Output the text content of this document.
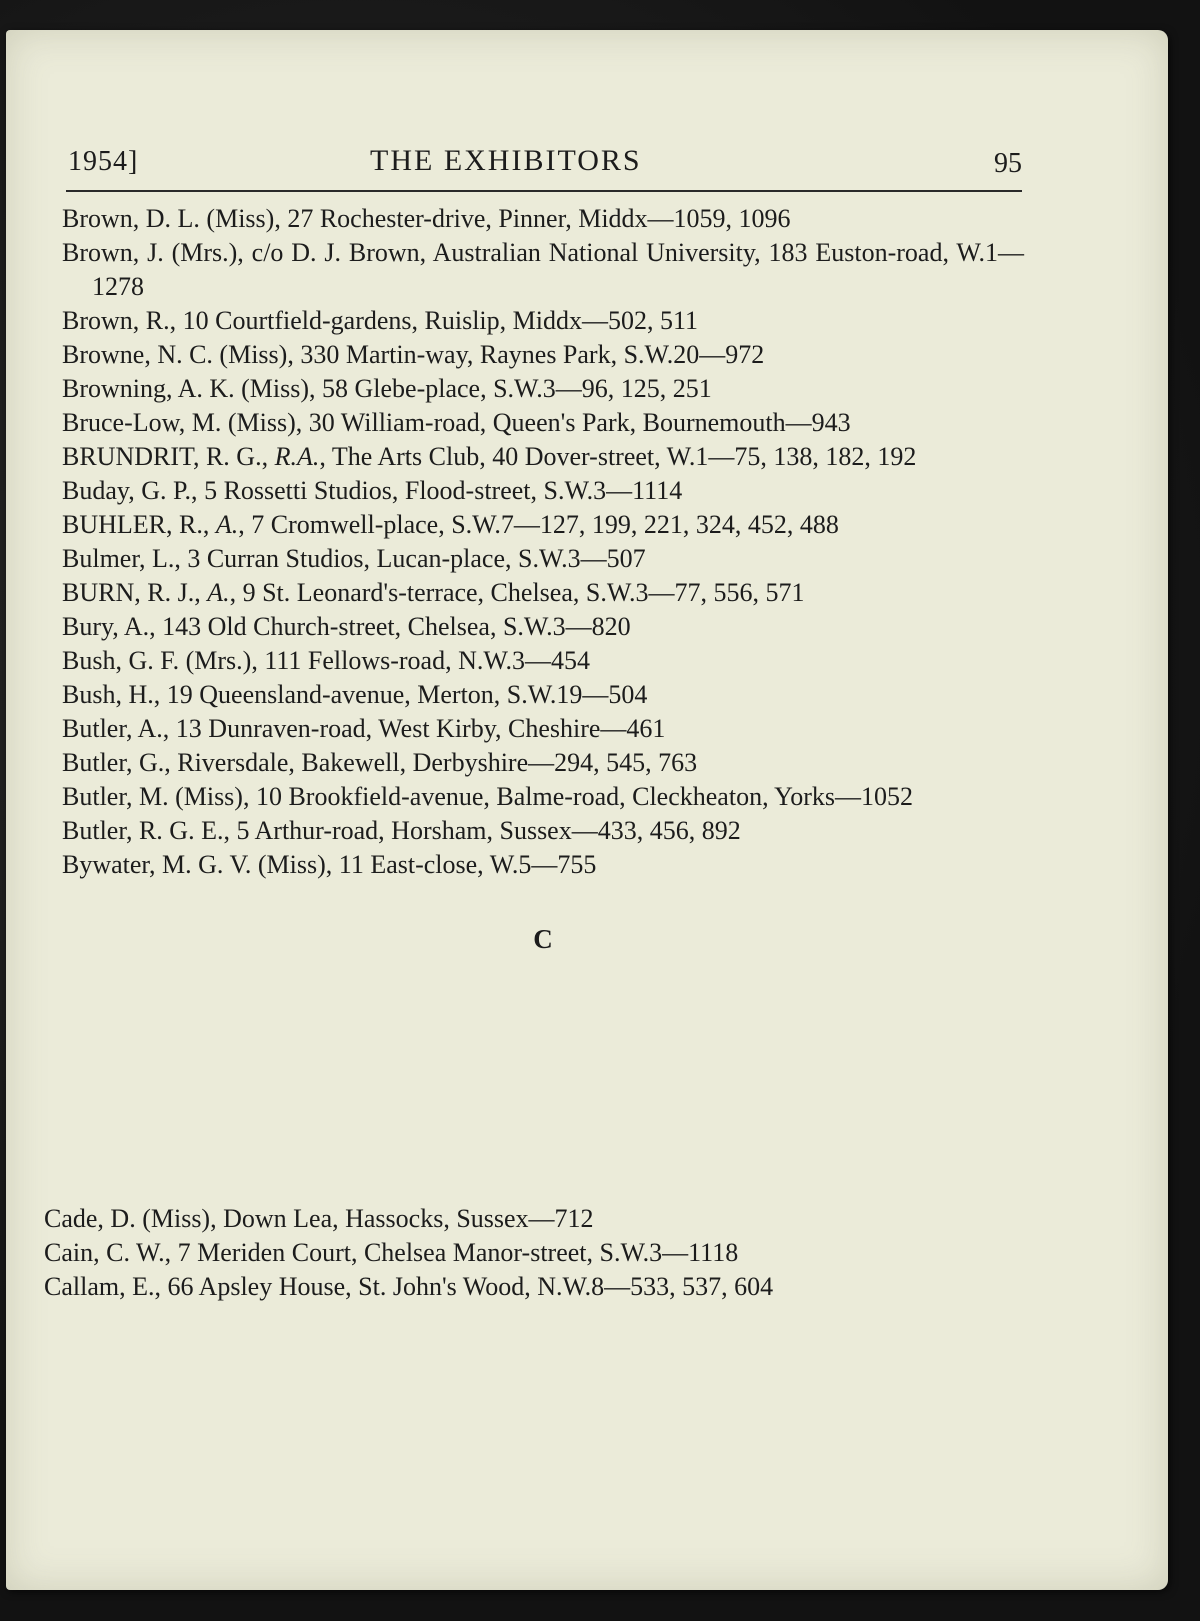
1954]	THE EXHIBITORS	95
Brown, D. L. (Miss), 27 Rochester-drive, Pinner, Middx—1059, 1096
Brown, J. (Mrs.), c/o D. J. Brown, Australian National University, 183 Euston-road, W.1—1278
Brown, R., 10 Courtfield-gardens, Ruislip, Middx—502, 511
Browne, N. C. (Miss), 330 Martin-way, Raynes Park, S.W.20—972
Browning, A. K. (Miss), 58 Glebe-place, S.W.3—96, 125, 251
Bruce-Low, M. (Miss), 30 William-road, Queen's Park, Bournemouth—943
BRUNDRIT, R. G., R.A., The Arts Club, 40 Dover-street, W.1—75, 138, 182, 192
Buday, G. P., 5 Rossetti Studios, Flood-street, S.W.3—1114
BUHLER, R., A., 7 Cromwell-place, S.W.7—127, 199, 221, 324, 452, 488
Bulmer, L., 3 Curran Studios, Lucan-place, S.W.3—507
BURN, R. J., A., 9 St. Leonard's-terrace, Chelsea, S.W.3—77, 556, 571
Bury, A., 143 Old Church-street, Chelsea, S.W.3—820
Bush, G. F. (Mrs.), 111 Fellows-road, N.W.3—454
Bush, H., 19 Queensland-avenue, Merton, S.W.19—504
Butler, A., 13 Dunraven-road, West Kirby, Cheshire—461
Butler, G., Riversdale, Bakewell, Derbyshire—294, 545, 763
Butler, M. (Miss), 10 Brookfield-avenue, Balme-road, Cleckheaton, Yorks—1052
Butler, R. G. E., 5 Arthur-road, Horsham, Sussex—433, 456, 892
Bywater, M. G. V. (Miss), 11 East-close, W.5—755
C
Cade, D. (Miss), Down Lea, Hassocks, Sussex—712
Cain, C. W., 7 Meriden Court, Chelsea Manor-street, S.W.3—1118
Callam, E., 66 Apsley House, St. John's Wood, N.W.8—533, 537, 604
